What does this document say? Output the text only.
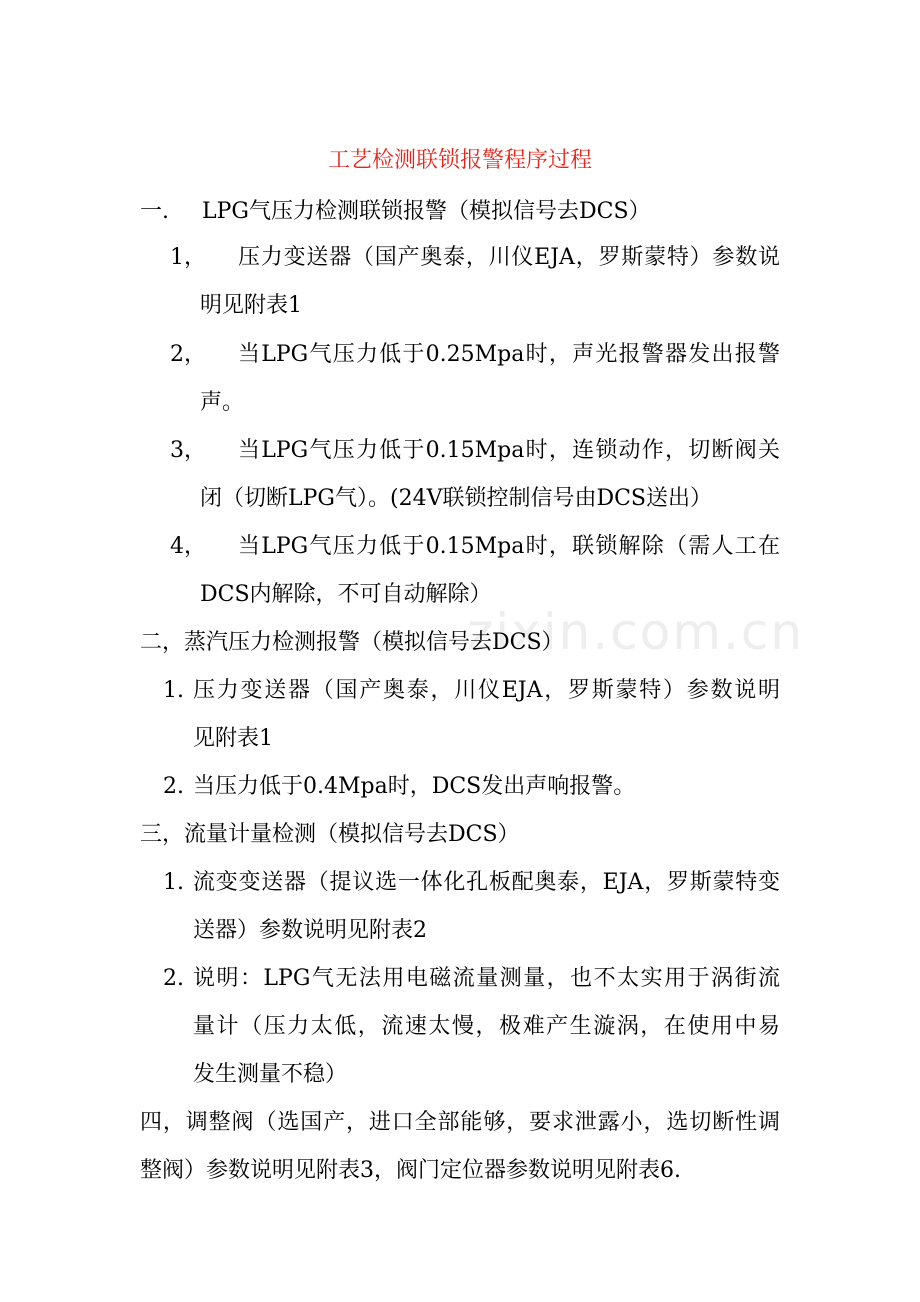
工艺检测联锁报警程序过程
一. LPG气压力检测联锁报警（模拟信号去DCS）
1， 压力变送器（国产奥泰，川仪EJA，罗斯蒙特）参数说
明见附表1
2， 当LPG气压力低于0.25Mpa时，声光报警器发出报警
声。
3， 当LPG气压力低于0.15Mpa时，连锁动作，切断阀关
闭（切断LPG气）。(24V联锁控制信号由DCS送出）
4， 当LPG气压力低于0.15Mpa时，联锁解除（需人工在
DCS内解除，不可自动解除）
zixin.com.cn
二，蒸汽压力检测报警（模拟信号去DCS）
1. 压力变送器（国产奥泰，川仪EJA，罗斯蒙特）参数说明
见附表1
2. 当压力低于0.4Mpa时，DCS发出声响报警。
三，流量计量检测（模拟信号去DCS）
1. 流变变送器（提议选一体化孔板配奥泰，EJA，罗斯蒙特变
送器）参数说明见附表2
2. 说明：LPG气无法用电磁流量测量，也不太实用于涡街流
量计（压力太低，流速太慢，极难产生漩涡，在使用中易
发生测量不稳）
四，调整阀（选国产，进口全部能够，要求泄露小，选切断性调
整阀）参数说明见附表3，阀门定位器参数说明见附表6.
